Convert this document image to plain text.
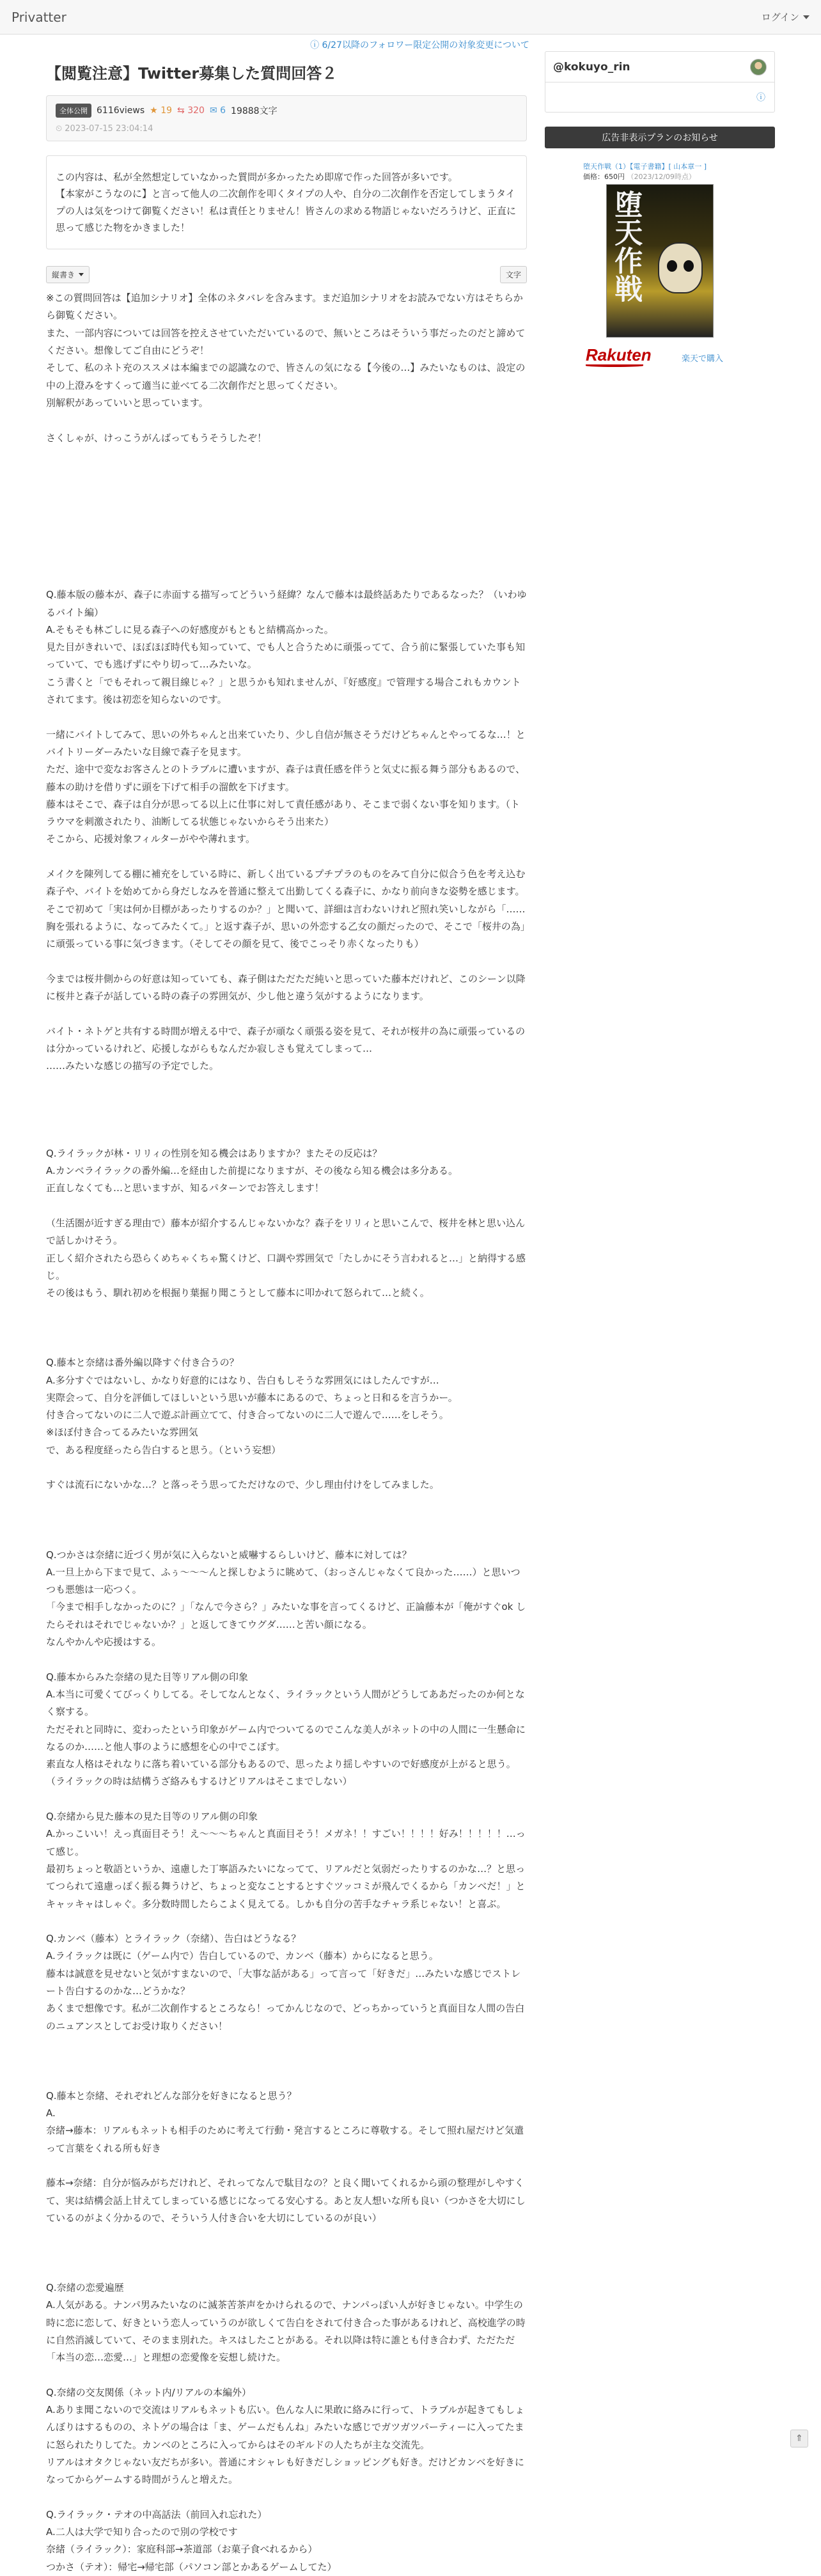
Privatter	ログイン
ⓘ 6/27以降のフォロワー限定公開の対象変更について
【閲覧注意】Twitter募集した質問回答２
全体公開	6116views ★ 19 ⇆ 320 ✉ 6 19888文字
⏲ 2023-07-15 23:04:14
この内容は、私が全然想定していなかった質問が多かったため即席で作った回答が多いです。
【本家がこうなのに】と言って他人の二次創作を叩くタイプの人や、自分の二次創作を否定してしまうタイプの人は気をつけて御覧ください！私は責任とりません！皆さんの求める物語じゃないだろうけど、正直に思って感じた物をかきました！
縦書き	文字
※この質問回答は【追加シナリオ】全体のネタバレを含みます。まだ追加シナリオをお読みでない方はそちらから御覧ください。
また、一部内容については回答を控えさせていただいているので、無いところはそういう事だったのだと諦めてください。想像してご自由にどうぞ！
そして、私のネト充のススメは本編までの認識なので、皆さんの気になる【今後の…】みたいなものは、設定の中の上澄みをすくって適当に並べてる二次創作だと思ってください。
別解釈があっていいと思っています。

さくしゃが、けっこうがんばってもうそうしたぞ！

Q.藤本版の藤本が、森子に赤面する描写ってどういう経緯？なんで藤本は最終話あたりであるなった？（いわゆるバイト編）
A.そもそも林ごしに見る森子への好感度がもともと結構高かった。
見た目がきれいで、ほぼほぼ時代も知っていて、でも人と合うために頑張ってて、合う前に緊張していた事も知っていて、でも逃げずにやり切って…みたいな。
こう書くと「でもそれって親目線じゃ？」と思うかも知れませんが、『好感度』で管理する場合これもカウントされてます。後は初恋を知らないのです。

一緒にバイトしてみて、思いの外ちゃんと出来ていたり、少し自信が無さそうだけどちゃんとやってるな…！とバイトリーダーみたいな目線で森子を見ます。
ただ、途中で変なお客さんとのトラブルに遭いますが、森子は責任感を伴うと気丈に振る舞う部分もあるので、藤本の助けを借りずに頭を下げて相手の溜飲を下げます。
藤本はそこで、森子は自分が思ってる以上に仕事に対して責任感があり、そこまで弱くない事を知ります。（トラウマを刺激されたり、油断してる状態じゃないからそう出来た）
そこから、応援対象フィルターがやや薄れます。

メイクを陳列してる棚に補充をしている時に、新しく出ているプチプラのものをみて自分に似合う色を考え込む森子や、バイトを始めてから身だしなみを普通に整えて出勤してくる森子に、かなり前向きな姿勢を感じます。
そこで初めて「実は何か目標があったりするのか？」と聞いて、詳細は言わないけれど照れ笑いしながら「……胸を張れるように、なってみたくて。」と返す森子が、思いの外恋する乙女の顔だったので、そこで「桜井の為」に頑張っている事に気づきます。（そしてその顔を見て、後でこっそり赤くなったりも）

今までは桜井側からの好意は知っていても、森子側はただただ純いと思っていた藤本だけれど、このシーン以降に桜井と森子が話している時の森子の雰囲気が、少し他と違う気がするようになります。

バイト・ネトゲと共有する時間が増える中で、森子が頑なく頑張る姿を見て、それが桜井の為に頑張っているのは分かっているけれど、応援しながらもなんだか寂しさも覚えてしまって…
……みたいな感じの描写の予定でした。

Q.ライラックが林・リリィの性別を知る機会はありますか？またその反応は？
A.カンベライラックの番外編…を経由した前提になりますが、その後なら知る機会は多分ある。
正直しなくても…と思いますが、知るパターンでお答えします！

（生活圏が近すぎる理由で）藤本が紹介するんじゃないかな？森子をリリィと思いこんで、桜井を林と思い込んで話しかけそう。
正しく紹介されたら恐らくめちゃくちゃ驚くけど、口調や雰囲気で「たしかにそう言われると…」と納得する感じ。
その後はもう、馴れ初めを根掘り葉掘り聞こうとして藤本に叩かれて怒られて…と続く。

Q.藤本と奈緒は番外編以降すぐ付き合うの？
A.多分すぐではないし、かなり好意的にはなり、告白もしそうな雰囲気にはしたんですが…
実際会って、自分を評価してほしいという思いが藤本にあるので、ちょっと日和るを言うかー。
付き合ってないのに二人で遊ぶ計画立てて、付き合ってないのに二人で遊んで……をしそう。
※ほぼ付き合ってるみたいな雰囲気
で、ある程度経ったら告白すると思う。（という妄想）

すぐは流石にないかな…？と落っそう思ってただけなので、少し理由付けをしてみました。

Q.つかさは奈緒に近づく男が気に入らないと威嚇するらしいけど、藤本に対しては？
A.一旦上から下まで見て、ふぅ〜〜〜んと探しむように眺めて、（おっさんじゃなくて良かった……）と思いつつも悪態は一応つく。
「今まで相手しなかったのに？」「なんで今さら？」みたいな事を言ってくるけど、正論藤本が「俺がすぐok したらそれはそれでじゃないか？」と返してきてウグダ……と苦い顔になる。
なんやかんや応援はする。

Q.藤本からみた奈緒の見た目等リアル側の印象
A.本当に可愛くてびっくりしてる。そしてなんとなく、ライラックという人間がどうしてああだったのか何となく察する。
ただそれと同時に、変わったという印象がゲーム内でついてるのでこんな美人がネットの中の人間に一生懸命になるのか……と他人事のように感想を心の中でこぼす。
素直な人格はそれなりに落ち着いている部分もあるので、思ったより揺しやすいので好感度が上がると思う。（ライラックの時は結構うざ絡みもするけどリアルはそこまでしない）

Q.奈緒から見た藤本の見た目等のリアル側の印象
A.かっこいい！えっ真面目そう！え〜〜〜ちゃんと真面目そう！メガネ！！すごい！！！！好み！！！！！…って感じ。
最初ちょっと敬語というか、遠慮した丁寧語みたいになってて、リアルだと気弱だったりするのかな…？と思ってつられて遠慮っぽく振る舞うけど、ちょっと変なことするとすぐツッコミが飛んでくるから「カンベだ！」とキャッキャはしゃぐ。多分数時間したらこよく見えてる。しかも自分の苦手なチャラ系じゃない！と喜ぶ。

Q.カンベ（藤本）とライラック（奈緒）、告白はどうなる？
A.ライラックは既に（ゲーム内で）告白しているので、カンベ（藤本）からになると思う。
藤本は誠意を見せないと気がすまないので、「大事な話がある」って言って「好きだ」…みたいな感じでストレート告白するのかな…どうかな？
あくまで想像です。私が二次創作するところなら！ってかんじなので、どっちかっていうと真面目な人間の告白のニュアンスとしてお受け取りください！

Q.藤本と奈緒、それぞれどんな部分を好きになると思う？
A.
奈緒→藤本：リアルもネットも相手のために考えて行動・発言するところに尊敬する。そして照れ屋だけど気遣って言葉をくれる所も好き

藤本→奈緒：自分が悩みがちだけれど、それってなんで駄目なの？と良く聞いてくれるから頭の整理がしやすくて、実は結構会話上甘えてしまっている感じになってる安心する。あと友人想いな所も良い（つかさを大切にしているのがよく分かるので、そういう人付き合いを大切にしているのが良い）

Q.奈緒の恋愛遍歴
A.人気がある。ナンパ男みたいなのに滅茶苦茶声をかけられるので、ナンパっぽい人が好きじゃない。中学生の時に恋に恋して、好きという恋人っていうのが欲しくて告白をされて付き合った事があるけれど、高校進学の時に自然消滅していて、そのまま別れた。キスはしたことがある。それ以降は特に誰とも付き合わず、ただただ「本当の恋…恋愛…」と理想の恋愛像を妄想し続けた。

Q.奈緒の交友関係（ネット内/リアルの本編外）
A.ありま聞こないので交流はリアルもネットも広い。色んな人に果敢に絡みに行って、トラブルが起きてもしょんぼりはするものの、ネトゲの場合は「ま、ゲームだもんね」みたいな感じでガツガツパーティーに入ってたまに怒られたりしてた。カンベのところに入ってからはそのギルドの人たちが主な交流先。
リアルはオタクじゃない友だちが多い。普通にオシャレも好きだしショッピングも好き。だけどカンベを好きになってからゲームする時間がうんと増えた。

Q.ライラック・テオの中高話法（前回入れ忘れた）
A.二人は大学で知り合ったので別の学校です
奈緒（ライラック）：家庭科部→茶道部（お菓子食べれるから）
つかさ（テオ）：帰宅→帰宅部（パソコン部とかあるゲームしてた）
@kokuyo_rin
ⓘ
広告非表示プランのお知らせ
堕天作戦（1）【電子書籍】[ 山本章一 ]
価格：650円 （2023/12/09時点）
堕天作戦
Rakuten	楽天で購入
⇑
